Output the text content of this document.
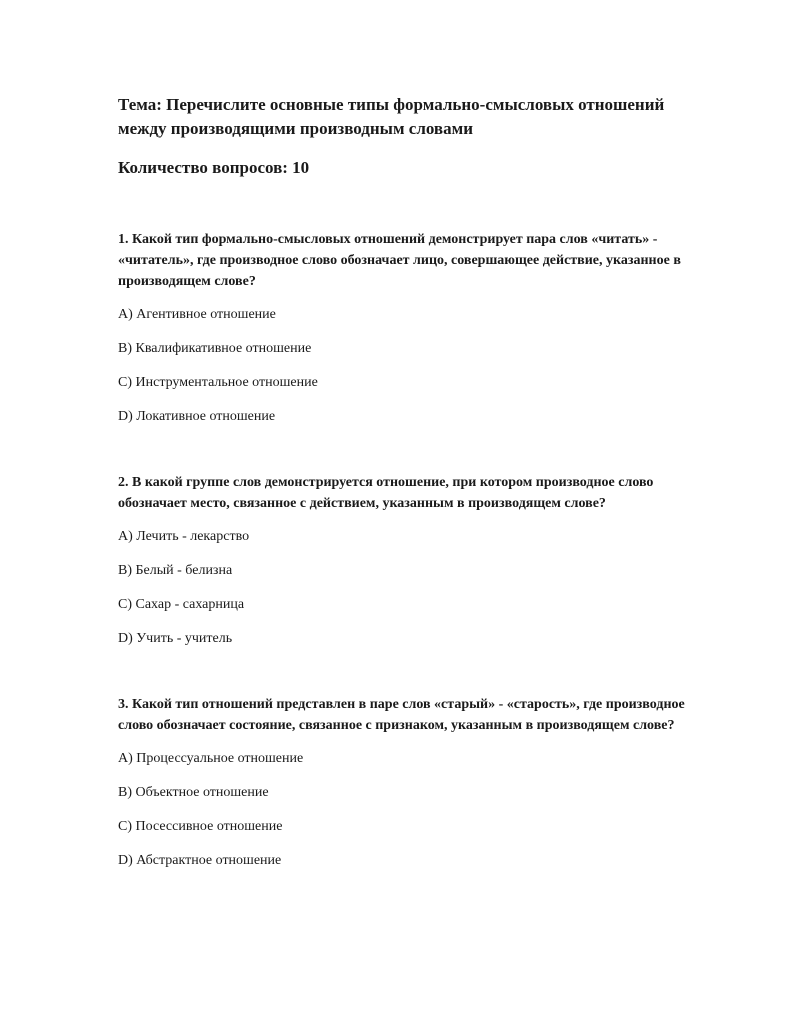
Тема: Перечислите основные типы формально-смысловых отношений между производящими производным словами

Количество вопросов: 10

1. Какой тип формально-смысловых отношений демонстрирует пара слов «читать» - «читатель», где производное слово обозначает лицо, совершающее действие, указанное в производящем слове?

A) Агентивное отношение

B) Квалификативное отношение

C) Инструментальное отношение

D) Локативное отношение

2. В какой группе слов демонстрируется отношение, при котором производное слово обозначает место, связанное с действием, указанным в производящем слове?

A) Лечить - лекарство

B) Белый - белизна

C) Сахар - сахарница

D) Учить - учитель

3. Какой тип отношений представлен в паре слов «старый» - «старость», где производное слово обозначает состояние, связанное с признаком, указанным в производящем слове?

A) Процессуальное отношение

B) Объектное отношение

C) Посессивное отношение

D) Абстрактное отношение
